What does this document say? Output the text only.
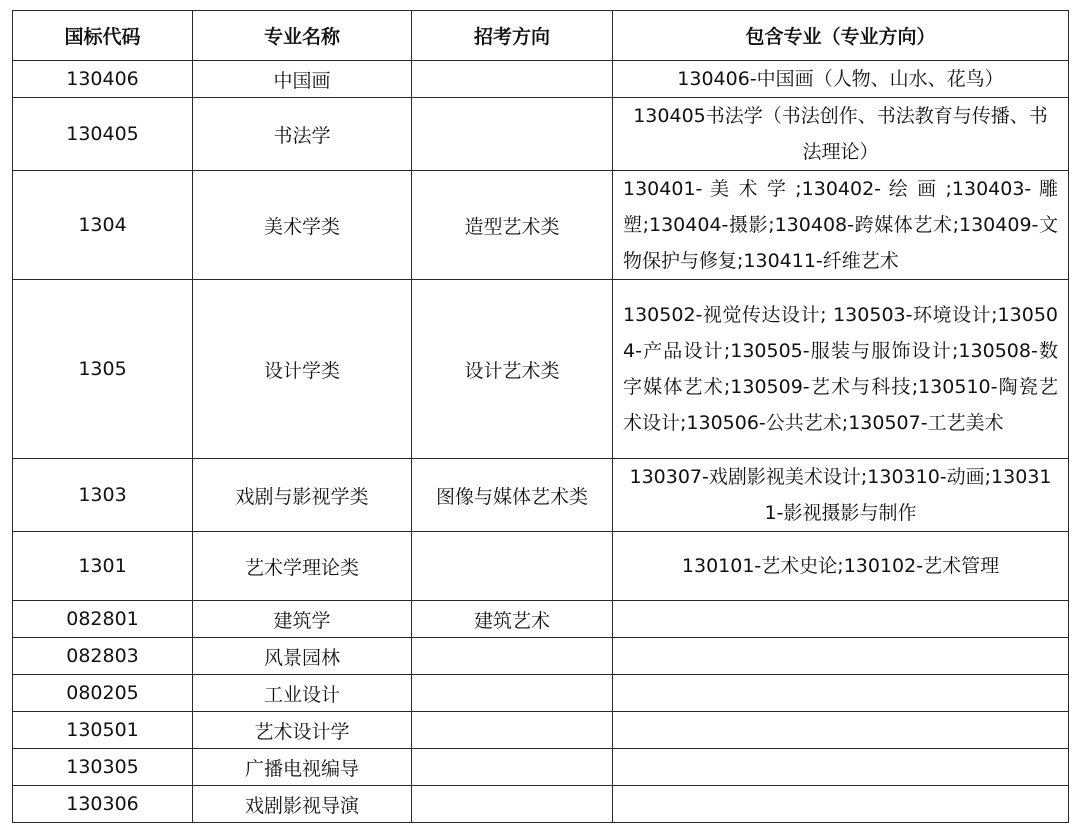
国标代码	专业名称	招考方向	包含专业（专业方向）
130406	中国画		130406-中国画（人物、山水、花鸟）
130405	书法学		130405书法学（书法创作、书法教育与传播、书法理论）
1304	美术学类	造型艺术类	130401- 美 术 学 ;130402- 绘 画 ;130403- 雕塑;130404-摄影;130408-跨媒体艺术;130409-文物保护与修复;130411-纤维艺术
1305	设计学类	设计艺术类	130502-视觉传达设计; 130503-环境设计;130504-产品设计;130505-服装与服饰设计;130508-数字媒体艺术;130509-艺术与科技;130510-陶瓷艺术设计;130506-公共艺术;130507-工艺美术
1303	戏剧与影视学类	图像与媒体艺术类	130307-戏剧影视美术设计;130310-动画;130311-影视摄影与制作
1301	艺术学理论类		130101-艺术史论;130102-艺术管理
082801	建筑学	建筑艺术	
082803	风景园林		
080205	工业设计		
130501	艺术设计学		
130305	广播电视编导		
130306	戏剧影视导演		
